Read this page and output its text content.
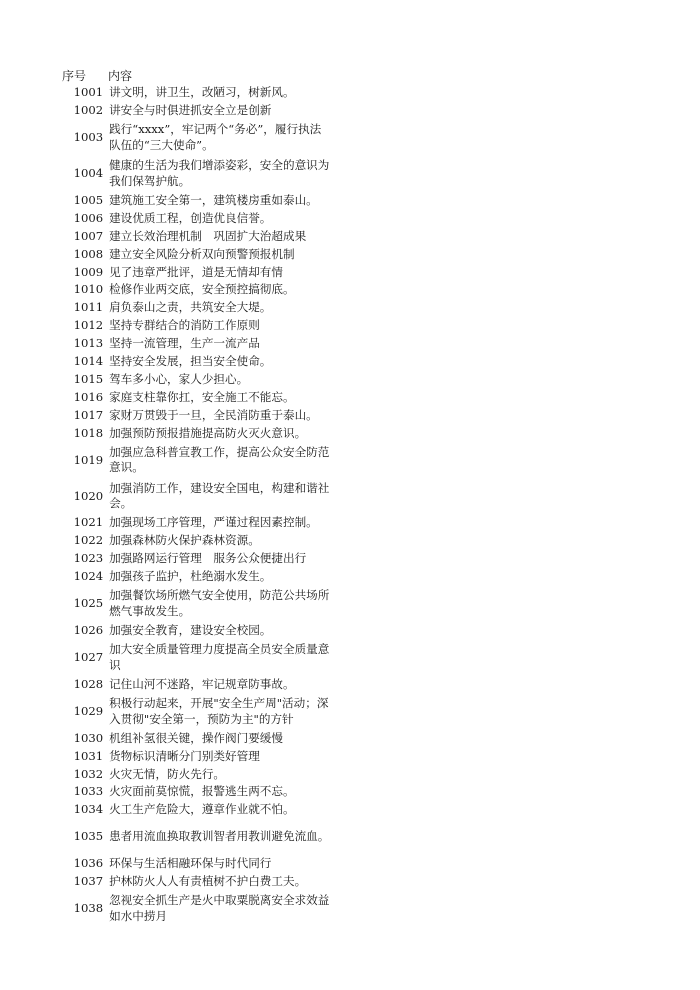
序号	内容
1001	讲文明，讲卫生，改陋习，树新风。
1002	讲安全与时俱进抓安全立是创新
1003	践行“xxxx”，牢记两个“务必”，履行执法队伍的“三大使命”。
1004	健康的生活为我们增添姿彩，安全的意识为我们保驾护航。
1005	建筑施工安全第一，建筑楼房重如泰山。
1006	建设优质工程，创造优良信誉。
1007	建立长效治理机制　巩固扩大治超成果
1008	建立安全风险分析双向预警预报机制
1009	见了违章严批评，道是无情却有情
1010	检修作业两交底，安全预控搞彻底。
1011	肩负泰山之责，共筑安全大堤。
1012	坚持专群结合的消防工作原则
1013	坚持一流管理，生产一流产品
1014	坚持安全发展，担当安全使命。
1015	驾车多小心，家人少担心。
1016	家庭支柱靠你扛，安全施工不能忘。
1017	家财万贯毁于一旦，全民消防重于泰山。
1018	加强预防预报措施提高防火灭火意识。
1019	加强应急科普宣教工作，提高公众安全防范意识。
1020	加强消防工作，建设安全国电，构建和谐社会。
1021	加强现场工序管理，严谨过程因素控制。
1022	加强森林防火保护森林资源。
1023	加强路网运行管理　服务公众便捷出行
1024	加强孩子监护，杜绝溺水发生。
1025	加强餐饮场所燃气安全使用，防范公共场所燃气事故发生。
1026	加强安全教育，建设安全校园。
1027	加大安全质量管理力度提高全员安全质量意识
1028	记住山河不迷路，牢记规章防事故。
1029	积极行动起来，开展"安全生产周"活动；深入贯彻"安全第一，预防为主"的方针
1030	机组补氢很关键，操作阀门要缓慢
1031	货物标识清晰分门别类好管理
1032	火灾无情，防火先行。
1033	火灾面前莫惊慌，报警逃生两不忘。
1034	火工生产危险大，遵章作业就不怕。
1035	患者用流血换取教训智者用教训避免流血。
1036	环保与生活相融环保与时代同行
1037	护林防火人人有责植树不护白费工夫。
1038	忽视安全抓生产是火中取粟脱离安全求效益如水中捞月
